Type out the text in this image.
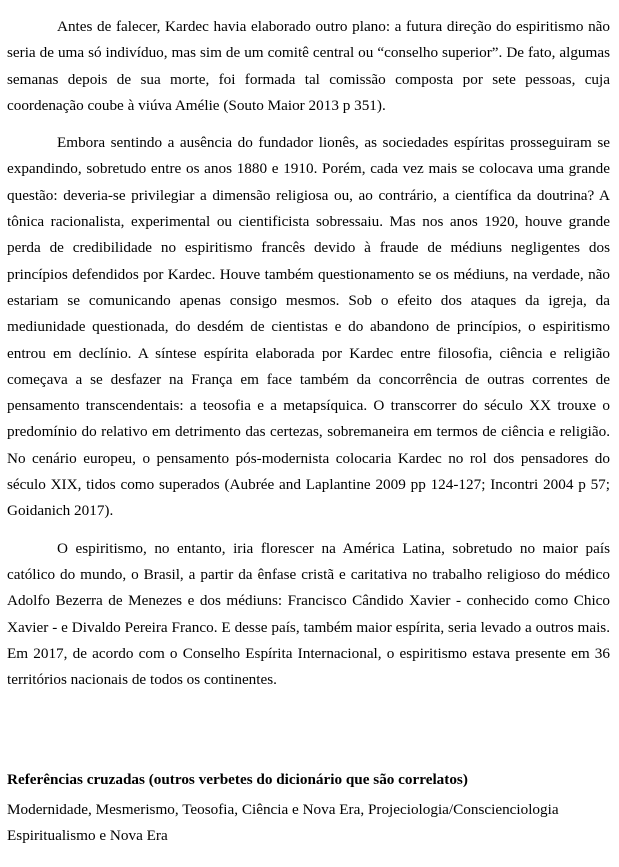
Antes de falecer, Kardec havia elaborado outro plano: a futura direção do espiritismo não seria de uma só indivíduo, mas sim de um comitê central ou “conselho superior”. De fato, algumas semanas depois de sua morte, foi formada tal comissão composta por sete pessoas, cuja coordenação coube à viúva Amélie (Souto Maior 2013 p 351).

Embora sentindo a ausência do fundador lionês, as sociedades espíritas prosseguiram se expandindo, sobretudo entre os anos 1880 e 1910. Porém, cada vez mais se colocava uma grande questão: deveria-se privilegiar a dimensão religiosa ou, ao contrário, a científica da doutrina? A tônica racionalista, experimental ou cientificista sobressaiu. Mas nos anos 1920, houve grande perda de credibilidade no espiritismo francês devido à fraude de médiuns negligentes dos princípios defendidos por Kardec. Houve também questionamento se os médiuns, na verdade, não estariam se comunicando apenas consigo mesmos. Sob o efeito dos ataques da igreja, da mediunidade questionada, do desdém de cientistas e do abandono de princípios, o espiritismo entrou em declínio. A síntese espírita elaborada por Kardec entre filosofia, ciência e religião começava a se desfazer na França em face também da concorrência de outras correntes de pensamento transcendentais: a teosofia e a metapsíquica. O transcorrer do século XX trouxe o predomínio do relativo em detrimento das certezas, sobremaneira em termos de ciência e religião. No cenário europeu, o pensamento pós-modernista colocaria Kardec no rol dos pensadores do século XIX, tidos como superados (Aubrée and Laplantine 2009 pp 124-127; Incontri 2004 p 57; Goidanich 2017).

O espiritismo, no entanto, iria florescer na América Latina, sobretudo no maior país católico do mundo, o Brasil, a partir da ênfase cristã e caritativa no trabalho religioso do médico Adolfo Bezerra de Menezes e dos médiuns: Francisco Cândido Xavier - conhecido como Chico Xavier - e Divaldo Pereira Franco. E desse país, também maior espírita, seria levado a outros mais. Em 2017, de acordo com o Conselho Espírita Internacional, o espiritismo estava presente em 36 territórios nacionais de todos os continentes.

Referências cruzadas (outros verbetes do dicionário que são correlatos)

Modernidade, Mesmerismo, Teosofia, Ciência e Nova Era, Projeciologia/Conscienciologia Espiritualismo e Nova Era
